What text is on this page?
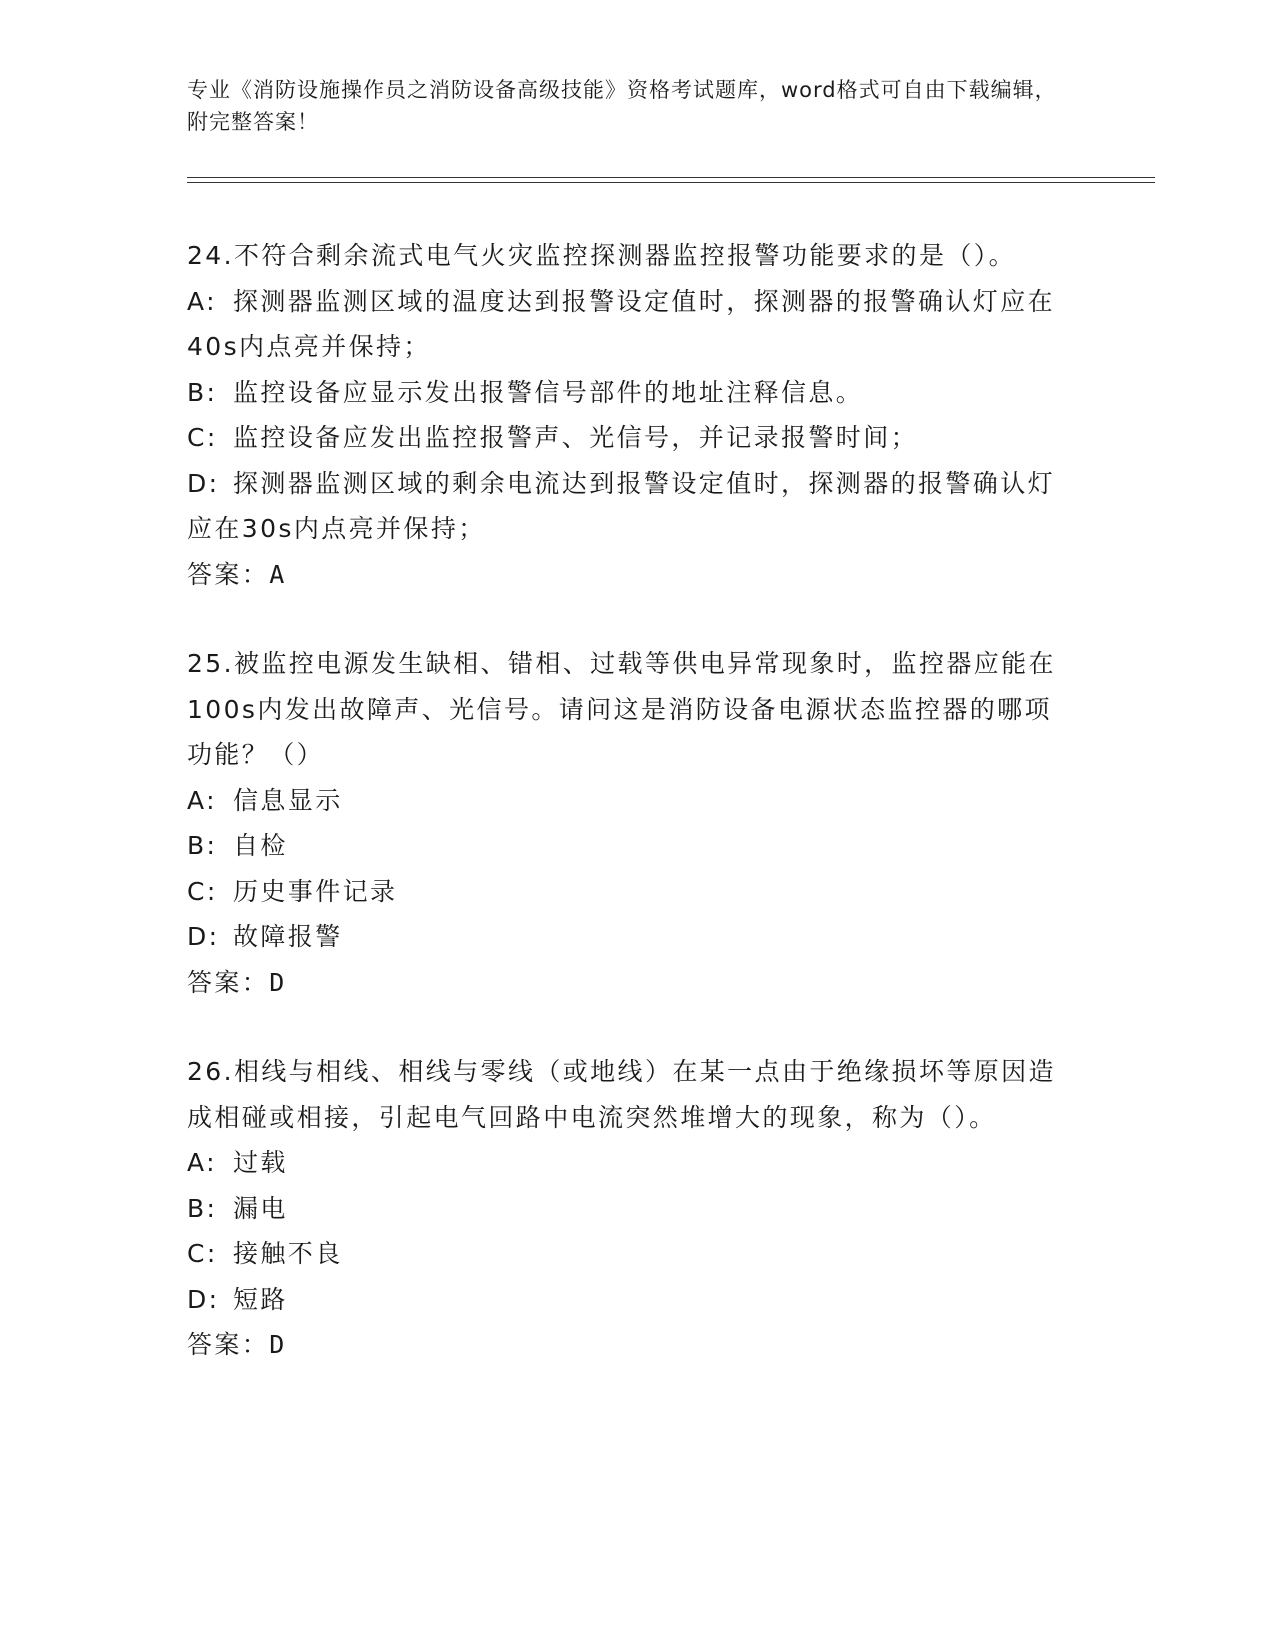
专业《消防设施操作员之消防设备高级技能》资格考试题库，word格式可自由下载编辑，附完整答案！
24.不符合剩余流式电气火灾监控探测器监控报警功能要求的是（）。
A: 探测器监测区域的温度达到报警设定值时，探测器的报警确认灯应在40s内点亮并保持；
B: 监控设备应显示发出报警信号部件的地址注释信息。
C: 监控设备应发出监控报警声、光信号，并记录报警时间；
D: 探测器监测区域的剩余电流达到报警设定值时，探测器的报警确认灯应在30s内点亮并保持；
答案：A
25.被监控电源发生缺相、错相、过载等供电异常现象时，监控器应能在100s内发出故障声、光信号。请问这是消防设备电源状态监控器的哪项功能？（）
A: 信息显示
B: 自检
C: 历史事件记录
D: 故障报警
答案：D
26.相线与相线、相线与零线（或地线）在某一点由于绝缘损坏等原因造成相碰或相接，引起电气回路中电流突然堆增大的现象，称为（）。
A: 过载
B: 漏电
C: 接触不良
D: 短路
答案：D
